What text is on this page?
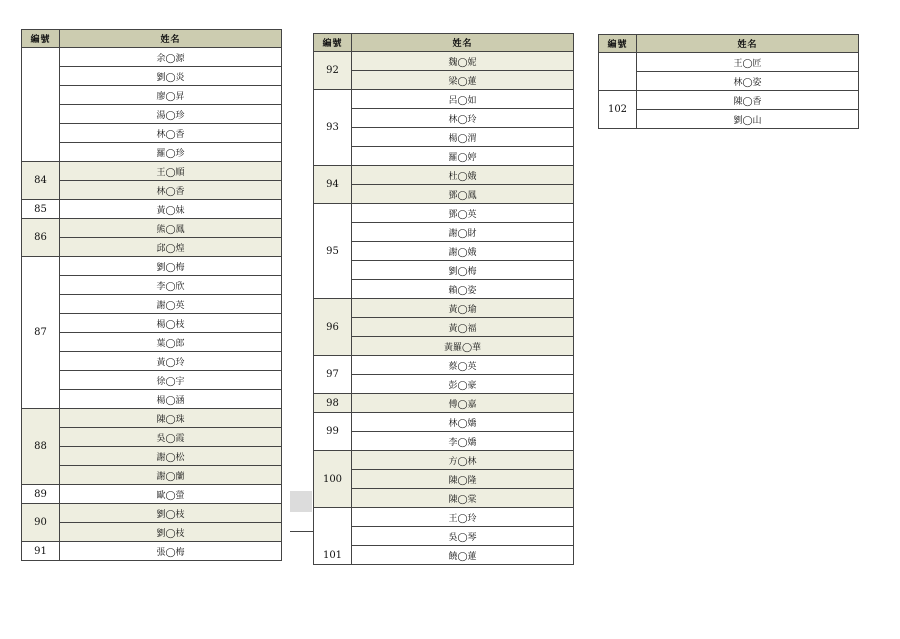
編號	姓名
	余◯源
	劉◯炎
	廖◯昇
	湯◯珍
	林◯香
	羅◯珍
84	王◯順
	林◯香
85	黃◯妹
86	熊◯鳳
	邱◯煌
87	劉◯梅
	李◯欣
	謝◯英
	楊◯枝
	葉◯郎
	黃◯玲
	徐◯宇
	楊◯涵
88	陳◯珠
	吳◯霞
	謝◯松
	謝◯蘭
89	歐◯螢
90	劉◯枝
	劉◯枝
91	張◯梅
編號	姓名
92	魏◯妮
	梁◯蓮
93	呂◯如
	林◯玲
	楊◯渭
	羅◯婷
94	杜◯娥
	鄧◯鳳
95	鄧◯英
	謝◯財
	謝◯娥
	劉◯梅
	賴◯姿
96	黃◯瑜
	黃◯福
	黃羅◯華
97	蔡◯英
	彭◯豪
98	傅◯嘉
99	林◯嬌
	李◯嬌
100	方◯林
	陳◯隆
	陳◯棠
101	王◯玲
	吳◯琴
	饒◯蓮
編號	姓名
	王◯匠
	林◯姿
102	陳◯香
	劉◯山
